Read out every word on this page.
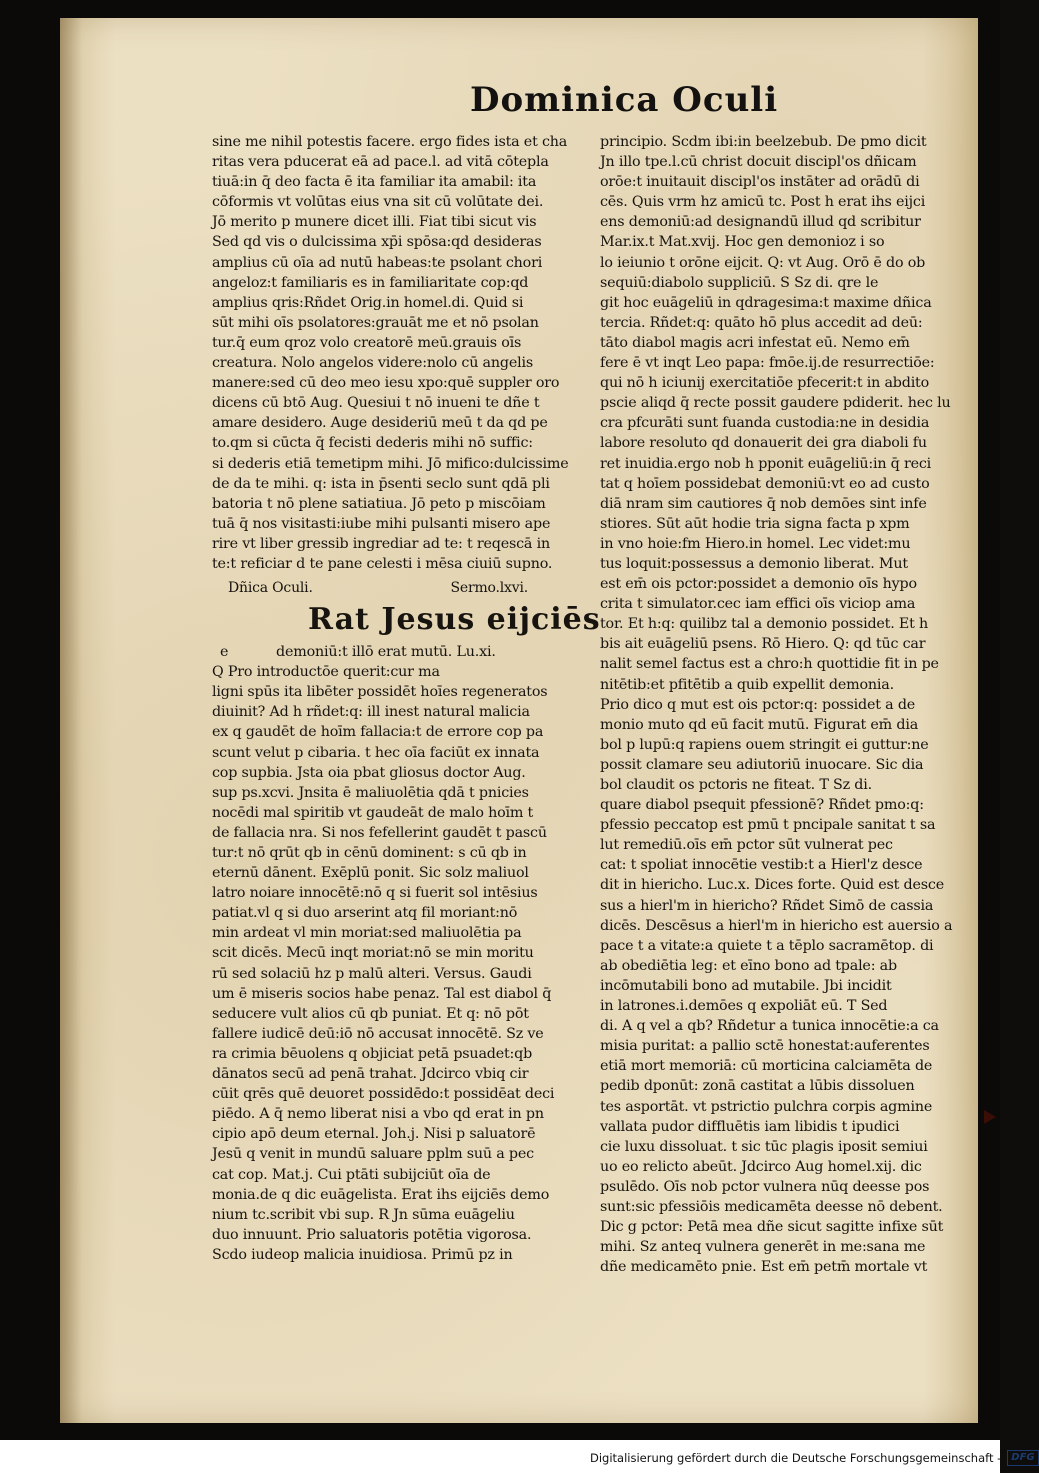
Dominica Oculi
sine me nihil potestis facere. ergo fides ista et cha
ritas vera pducerat eā ad pace.l. ad vitā cōtepla
tiuā:in q̄ deo facta ē ita familiar ita amabil: ita
cōformis vt volūtas eius vna sit cū volūtate dei.
Jō merito p munere dicet illi. Fiat tibi sicut vis
Sed qd vis o dulcissima xp̄i spōsa:qd desideras
amplius cū oīa ad nutū habeas:te psolant chori
angeloz:t familiaris es in familiaritate cop:qd
amplius qris:Rñdet Orig.in homel.di. Quid si
sūt mihi oīs psolatores:grauāt me et nō psolan
tur.q̄ eum qroz volo creatorē meū.grauis oīs
creatura. Nolo angelos videre:nolo cū angelis
manere:sed cū deo meo iesu xpo:quē suppler oro
dicens cū btō Aug. Quesiui t nō inueni te dñe t
amare desidero. Auge desideriū meū t da qd pe
to.qm si cūcta q̄ fecisti dederis mihi nō suffic:
si dederis etiā temetipm mihi. Jō mifico:dulcissime
de da te mihi. q: ista in p̄senti seclo sunt qdā pli
batoria t nō plene satiatiua. Jō peto p miscōiam
tuā q̄ nos visitasti:iube mihi pulsanti misero ape
rire vt liber gressib ingrediar ad te: t reqescā in
te:t reficiar d te pane celesti i mēsa ciuiū supno.
Dñica Oculi.	Sermo.lxvi.
Rat Jesus eijciēs
e	demoniū:t illō erat mutū. Lu.xi.
Q Pro introductōe querit:cur ma
ligni spūs ita libēter possidēt hoīes regeneratos
diuinit? Ad h rñdet:q: ill inest natural malicia
ex q gaudēt de hoīm fallacia:t de errore cop pa
scunt velut p cibaria. t hec oīa faciūt ex innata
cop supbia. Jsta oia pbat gliosus doctor Aug.
sup ps.xcvi. Jnsita ē maliuolētia qdā t pnicies
nocēdi mal spiritib vt gaudeāt de malo hoīm t
de fallacia nra. Si nos fefellerint gaudēt t pascū
tur:t nō qrūt qb in cēnū dominent: s cū qb in
eternū dānent. Exēplū ponit. Sic solz maliuol
latro noiare innocētē:nō q si fuerit sol intēsius
patiat.vl q si duo arserint atq fil moriant:nō
min ardeat vl min moriat:sed maliuolētia pa
scit dicēs. Mecū inqt moriat:nō se min moritu
rū sed solaciū hz p malū alteri. Versus. Gaudi
um ē miseris socios habe penaz. Tal est diabol q̄
seducere vult alios cū qb puniat. Et q: nō pōt
fallere iudicē deū:iō nō accusat innocētē. Sz ve
ra crimia bēuolens q objiciat petā psuadet:qb
dānatos secū ad penā trahat. Jdcirco vbiq cir
cūit qrēs quē deuoret possidēdo:t possidēat deci
piēdo. A q̄ nemo liberat nisi a vbo qd erat in pn
cipio apō deum eternal. Joh.j. Nisi p saluatorē
Jesū q venit in mundū saluare pplm suū a pec
cat cop. Mat.j. Cui ptāti subijciūt oīa de
monia.de q dic euāgelista. Erat ihs eijciēs demo
nium tc.scribit vbi sup. R Jn sūma euāgeliu
duo innuunt. Prio saluatoris potētia vigorosa.
Scdo iudeop malicia inuidiosa. Primū pz in
principio. Scdm ibi:in beelzebub. De pmo dicit
Jn illo tpe.l.cū christ docuit discipl'os dñicam
orōe:t inuitauit discipl'os instāter ad orādū di
cēs. Quis vrm hz amicū tc. Post h erat ihs eijci
ens demoniū:ad designandū illud qd scribitur
Mar.ix.t Mat.xvij. Hoc gen demonioz i so
lo ieiunio t orōne eijcit. Q: vt Aug. Orō ē do ob
sequiū:diabolo suppliciū. S Sz di. qre le
git hoc euāgeliū in qdragesima:t maxime dñica
tercia. Rñdet:q: quāto hō plus accedit ad deū:
tāto diabol magis acri infestat eū. Nemo em̄
fere ē vt inqt Leo papa: fmōe.ij.de resurrectiōe:
qui nō h iciunij exercitatiōe pfecerit:t in abdito
pscie aliqd q̄ recte possit gaudere pdiderit. hec lu
cra pfcurāti sunt fuanda custodia:ne in desidia
labore resoluto qd donauerit dei gra diaboli fu
ret inuidia.ergo nob h pponit euāgeliū:in q̄ reci
tat q hoīem possidebat demoniū:vt eo ad custo
diā nram sim cautiores q̄ nob demōes sint infe
stiores. Sūt aūt hodie tria signa facta p xpm
in vno hoie:fm Hiero.in homel. Lec videt:mu
tus loquit:possessus a demonio liberat. Mut
est em̄ ois pctor:possidet a demonio oīs hypo
crita t simulator.cec iam effici oīs viciop ama
tor. Et h:q: quilibz tal a demonio possidet. Et h
bis ait euāgeliū psens. Rō Hiero. Q: qd tūc car
nalit semel factus est a chro:h quottidie fit in pe
nitētib:et pfitētib a quib expellit demonia.
Prio dico q mut est ois pctor:q: possidet a de
monio muto qd eū facit mutū. Figurat em̄ dia
bol p lupū:q rapiens ouem stringit ei guttur:ne
possit clamare seu adiutoriū inuocare. Sic dia
bol claudit os pctoris ne fiteat. T Sz di.
quare diabol psequit pfessionē? Rñdet pmo:q:
pfessio peccatop est pmū t pncipale sanitat t sa
lut remediū.oīs em̄ pctor sūt vulnerat pec
cat: t spoliat innocētie vestib:t a Hierl'z desce
dit in hiericho. Luc.x. Dices forte. Quid est desce
sus a hierl'm in hiericho? Rñdet Simō de cassia
dicēs. Descēsus a hierl'm in hiericho est auersio a
pace t a vitate:a quiete t a tēplo sacramētop. di
ab obediētia leg: et eīno bono ad tpale: ab
incōmutabili bono ad mutabile. Jbi incidit
in latrones.i.demōes q expoliāt eū. T Sed
di. A q vel a qb? Rñdetur a tunica innocētie:a ca
misia puritat: a pallio sctē honestat:auferentes
etiā mort memoriā: cū morticina calciamēta de
pedib dponūt: zonā castitat a lūbis dissoluen
tes asportāt. vt pstrictio pulchra corpis agmine
vallata pudor diffluētis iam libidis t ipudici
cie luxu dissoluat. t sic tūc plagis iposit semiui
uo eo relicto abeūt. Jdcirco Aug homel.xij. dic
psulēdo. Oīs nob pctor vulnera nūq deesse pos
sunt:sic pfessiōis medicamēta deesse nō debent.
Dic g pctor: Petā mea dñe sicut sagitte infixe sūt
mihi. Sz anteq vulnera generēt in me:sana me
dñe medicamēto pnie. Est em̄ petm̄ mortale vt
Digitalisierung gefördert durch die Deutsche Forschungsgemeinschaft -	DFG
